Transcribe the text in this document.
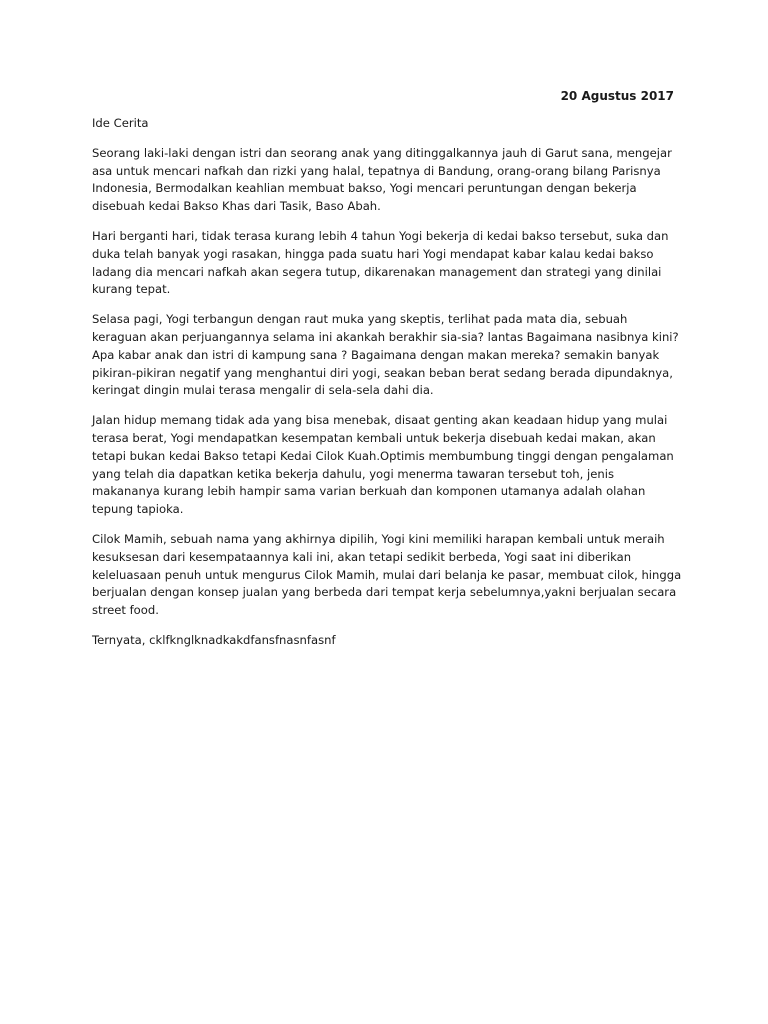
20 Agustus 2017

Ide Cerita

Seorang laki-laki dengan istri dan seorang anak yang ditinggalkannya jauh di Garut sana, mengejar asa untuk mencari nafkah dan rizki yang halal, tepatnya di Bandung, orang-orang bilang Parisnya Indonesia, Bermodalkan keahlian membuat bakso, Yogi mencari peruntungan dengan bekerja disebuah kedai Bakso Khas dari Tasik, Baso Abah.

Hari berganti hari, tidak terasa kurang lebih 4 tahun Yogi bekerja di kedai bakso tersebut, suka dan duka telah banyak yogi rasakan, hingga pada suatu hari Yogi mendapat kabar kalau kedai bakso ladang dia mencari nafkah akan segera tutup, dikarenakan management dan strategi yang dinilai kurang tepat.

Selasa pagi, Yogi terbangun dengan raut muka yang skeptis, terlihat pada mata dia, sebuah keraguan akan perjuangannya selama ini akankah berakhir sia-sia? lantas Bagaimana nasibnya kini? Apa kabar anak dan istri di kampung sana ? Bagaimana dengan makan mereka? semakin banyak pikiran-pikiran negatif yang menghantui diri yogi, seakan beban berat sedang berada dipundaknya, keringat dingin mulai terasa mengalir di sela-sela dahi dia.

Jalan hidup memang tidak ada yang bisa menebak, disaat genting akan keadaan hidup yang mulai terasa berat, Yogi mendapatkan kesempatan kembali untuk bekerja disebuah kedai makan, akan tetapi bukan kedai Bakso tetapi Kedai Cilok Kuah.Optimis membumbung tinggi dengan pengalaman yang telah dia dapatkan ketika bekerja dahulu, yogi menerma tawaran tersebut toh, jenis makananya kurang lebih hampir sama varian berkuah dan komponen utamanya adalah olahan tepung tapioka.

Cilok Mamih, sebuah nama yang akhirnya dipilih, Yogi kini memiliki harapan kembali untuk meraih kesuksesan dari kesempataannya kali ini, akan tetapi sedikit berbeda, Yogi saat ini diberikan keleluasaan penuh untuk mengurus Cilok Mamih, mulai dari belanja ke pasar, membuat cilok, hingga berjualan dengan konsep jualan yang berbeda dari tempat kerja sebelumnya,yakni berjualan secara street food.

Ternyata, cklfknglknadkakdfansfnasnfasnf
